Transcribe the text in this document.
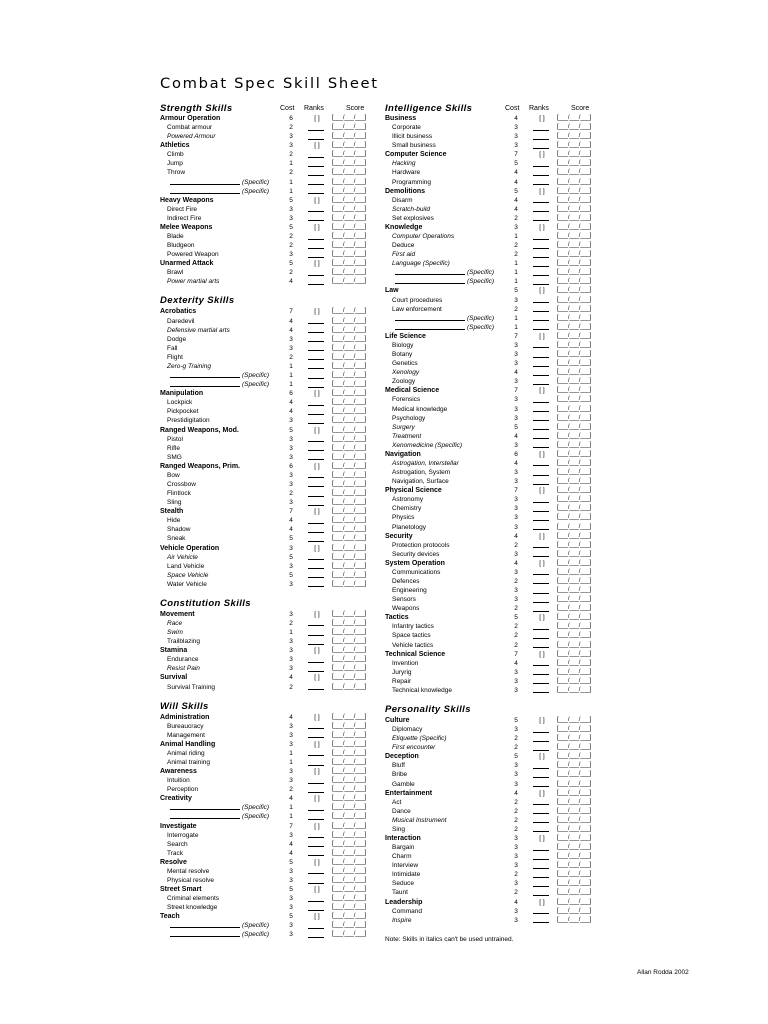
Combat Spec Skill Sheet
Strength Skills	Cost Ranks	Score
Armour Operation	6	[ ]	[___/___/___]
Combat armour	2	[___/___/___]
Powered Armour	3	[___/___/___]
Athletics	3	[ ]	[___/___/___]
Climb	2	[___/___/___]
Jump	1	[___/___/___]
Throw	2	[___/___/___]
(Specific)	1	[___/___/___]
(Specific)	1	[___/___/___]
Heavy Weapons	5	[ ]	[___/___/___]
Direct Fire	3	[___/___/___]
Indirect Fire	3	[___/___/___]
Melee Weapons	5	[ ]	[___/___/___]
Blade	2	[___/___/___]
Bludgeon	2	[___/___/___]
Powered Weapon	3	[___/___/___]
Unarmed Attack	5	[ ]	[___/___/___]
Brawl	2	[___/___/___]
Power martial arts	4	[___/___/___]
Dexterity Skills
Acrobatics	7	[ ]	[___/___/___]
Daredevil	4	[___/___/___]
Defensive martial arts	4	[___/___/___]
Dodge	3	[___/___/___]
Fall	3	[___/___/___]
Flight	2	[___/___/___]
Zero-g Training	1	[___/___/___]
(Specific)	1	[___/___/___]
(Specific)	1	[___/___/___]
Manipulation	6	[ ]	[___/___/___]
Lockpick	4	[___/___/___]
Pickpocket	4	[___/___/___]
Prestidigitation	3	[___/___/___]
Ranged Weapons, Mod.	5	[ ]	[___/___/___]
Pistol	3	[___/___/___]
Rifle	3	[___/___/___]
SMG	3	[___/___/___]
Ranged Weapons, Prim.	6	[ ]	[___/___/___]
Bow	3	[___/___/___]
Crossbow	3	[___/___/___]
Flintlock	2	[___/___/___]
Sling	3	[___/___/___]
Stealth	7	[ ]	[___/___/___]
Hide	4	[___/___/___]
Shadow	4	[___/___/___]
Sneak	5	[___/___/___]
Vehicle Operation	3	[ ]	[___/___/___]
Air Vehicle	5	[___/___/___]
Land Vehicle	3	[___/___/___]
Space Vehicle	5	[___/___/___]
Water Vehicle	3	[___/___/___]
Constitution Skills
Movement	3	[ ]	[___/___/___]
Race	2	[___/___/___]
Swim	1	[___/___/___]
Trailblazing	3	[___/___/___]
Stamina	3	[ ]	[___/___/___]
Endurance	3	[___/___/___]
Resist Pain	3	[___/___/___]
Survival	4	[ ]	[___/___/___]
Survival Training	2	[___/___/___]
Will Skills
Administration	4	[ ]	[___/___/___]
Bureaucracy	3	[___/___/___]
Management	3	[___/___/___]
Animal Handling	3	[ ]	[___/___/___]
Animal riding	1	[___/___/___]
Animal training	1	[___/___/___]
Awareness	3	[ ]	[___/___/___]
Intuition	3	[___/___/___]
Perception	2	[___/___/___]
Creativity	4	[ ]	[___/___/___]
(Specific)	1	[___/___/___]
(Specific)	1	[___/___/___]
Investigate	7	[ ]	[___/___/___]
Interrogate	3	[___/___/___]
Search	4	[___/___/___]
Track	4	[___/___/___]
Resolve	5	[ ]	[___/___/___]
Mental resolve	3	[___/___/___]
Physical resolve	3	[___/___/___]
Street Smart	5	[ ]	[___/___/___]
Criminal elements	3	[___/___/___]
Street knowledge	3	[___/___/___]
Teach	5	[ ]	[___/___/___]
(Specific)	3	[___/___/___]
(Specific)	3	[___/___/___]
Intelligence Skills	Cost Ranks	Score
Business	4	[ ]	[___/___/___]
Corporate	3	[___/___/___]
Illicit business	3	[___/___/___]
Small business	3	[___/___/___]
Computer Science	7	[ ]	[___/___/___]
Hacking	5	[___/___/___]
Hardware	4	[___/___/___]
Programming	4	[___/___/___]
Demolitions	5	[ ]	[___/___/___]
Disarm	4	[___/___/___]
Scratch-build	4	[___/___/___]
Set explosives	2	[___/___/___]
Knowledge	3	[ ]	[___/___/___]
Computer Operations	1	[___/___/___]
Deduce	2	[___/___/___]
First aid	2	[___/___/___]
Language (Specific)	1	[___/___/___]
(Specific)	1	[___/___/___]
(Specific)	1	[___/___/___]
Law	5	[ ]	[___/___/___]
Court procedures	3	[___/___/___]
Law enforcement	2	[___/___/___]
(Specific)	1	[___/___/___]
(Specific)	1	[___/___/___]
Life Science	7	[ ]	[___/___/___]
Biology	3	[___/___/___]
Botany	3	[___/___/___]
Genetics	3	[___/___/___]
Xenology	4	[___/___/___]
Zoology	3	[___/___/___]
Medical Science	7	[ ]	[___/___/___]
Forensics	3	[___/___/___]
Medical knowledge	3	[___/___/___]
Psychology	3	[___/___/___]
Surgery	5	[___/___/___]
Treatment	4	[___/___/___]
Xenomedicine (Specific)	3	[___/___/___]
Navigation	6	[ ]	[___/___/___]
Astrogation, Interstellar	4	[___/___/___]
Astrogation, System	3	[___/___/___]
Navigation, Surface	3	[___/___/___]
Physical Science	7	[ ]	[___/___/___]
Astronomy	3	[___/___/___]
Chemistry	3	[___/___/___]
Physics	3	[___/___/___]
Planetology	3	[___/___/___]
Security	4	[ ]	[___/___/___]
Protection protocols	2	[___/___/___]
Security devices	3	[___/___/___]
System Operation	4	[ ]	[___/___/___]
Communications	3	[___/___/___]
Defences	2	[___/___/___]
Engineering	3	[___/___/___]
Sensors	3	[___/___/___]
Weapons	2	[___/___/___]
Tactics	5	[ ]	[___/___/___]
Infantry tactics	2	[___/___/___]
Space tactics	2	[___/___/___]
Vehicle tactics	2	[___/___/___]
Technical Science	7	[ ]	[___/___/___]
Invention	4	[___/___/___]
Juryrig	3	[___/___/___]
Repair	3	[___/___/___]
Technical knowledge	3	[___/___/___]
Personality Skills
Culture	5	[ ]	[___/___/___]
Diplomacy	3	[___/___/___]
Etiquette (Specific)	2	[___/___/___]
First encounter	2	[___/___/___]
Deception	5	[ ]	[___/___/___]
Bluff	3	[___/___/___]
Bribe	3	[___/___/___]
Gamble	3	[___/___/___]
Entertainment	4	[ ]	[___/___/___]
Act	2	[___/___/___]
Dance	2	[___/___/___]
Musical Instrument	2	[___/___/___]
Sing	2	[___/___/___]
Interaction	3	[ ]	[___/___/___]
Bargain	3	[___/___/___]
Charm	3	[___/___/___]
Interview	3	[___/___/___]
Intimidate	2	[___/___/___]
Seduce	3	[___/___/___]
Taunt	2	[___/___/___]
Leadership	4	[ ]	[___/___/___]
Command	3	[___/___/___]
Inspire	3	[___/___/___]
Note: Skills in italics can't be used untrained.
Allan Rodda 2002
